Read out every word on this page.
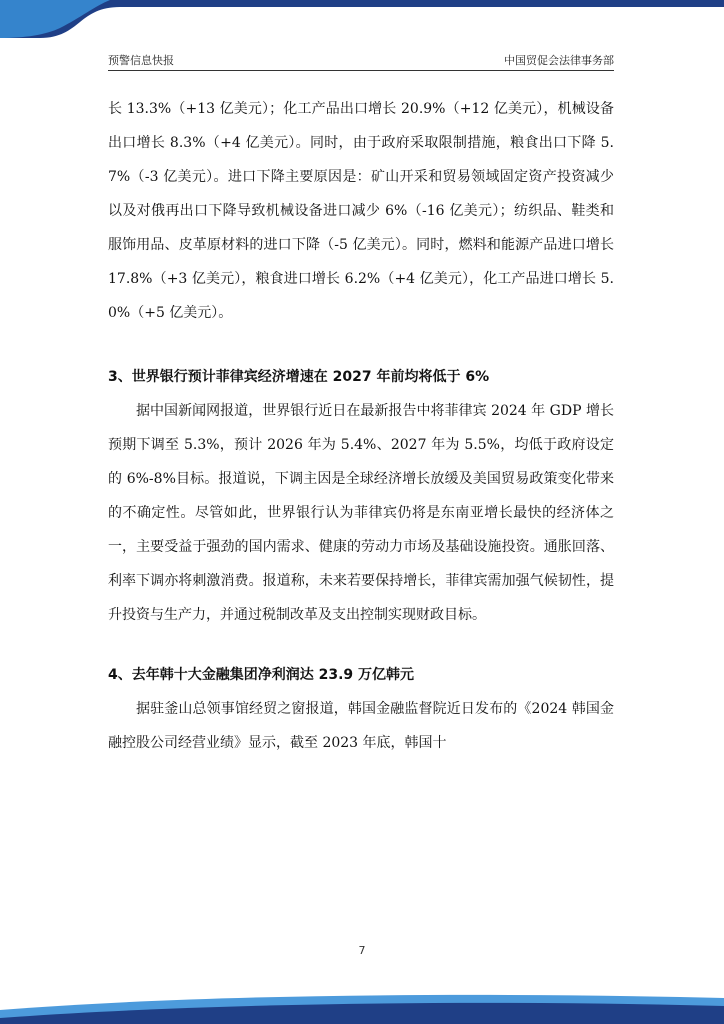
预警信息快报	中国贸促会法律事务部

长 13.3%（+13 亿美元）；化工产品出口增长 20.9%（+12 亿美元），机械设备出口增长 8.3%（+4 亿美元）。同时，由于政府采取限制措施，粮食出口下降 5.7%（-3 亿美元）。进口下降主要原因是：矿山开采和贸易领域固定资产投资减少以及对俄再出口下降导致机械设备进口减少 6%（-16 亿美元）；纺织品、鞋类和服饰用品、皮革原材料的进口下降（-5 亿美元）。同时，燃料和能源产品进口增长 17.8%（+3 亿美元），粮食进口增长 6.2%（+4 亿美元），化工产品进口增长 5.0%（+5 亿美元）。

3、世界银行预计菲律宾经济增速在 2027 年前均将低于 6%

据中国新闻网报道，世界银行近日在最新报告中将菲律宾 2024 年 GDP 增长预期下调至 5.3%，预计 2026 年为 5.4%、2027 年为 5.5%，均低于政府设定的 6%-8%目标。报道说，下调主因是全球经济增长放缓及美国贸易政策变化带来的不确定性。尽管如此，世界银行认为菲律宾仍将是东南亚增长最快的经济体之一，主要受益于强劲的国内需求、健康的劳动力市场及基础设施投资。通胀回落、利率下调亦将刺激消费。报道称，未来若要保持增长，菲律宾需加强气候韧性，提升投资与生产力，并通过税制改革及支出控制实现财政目标。

4、去年韩十大金融集团净利润达 23.9 万亿韩元

据驻釜山总领事馆经贸之窗报道，韩国金融监督院近日发布的《2024 韩国金融控股公司经营业绩》显示，截至 2023 年底，韩国十

7
